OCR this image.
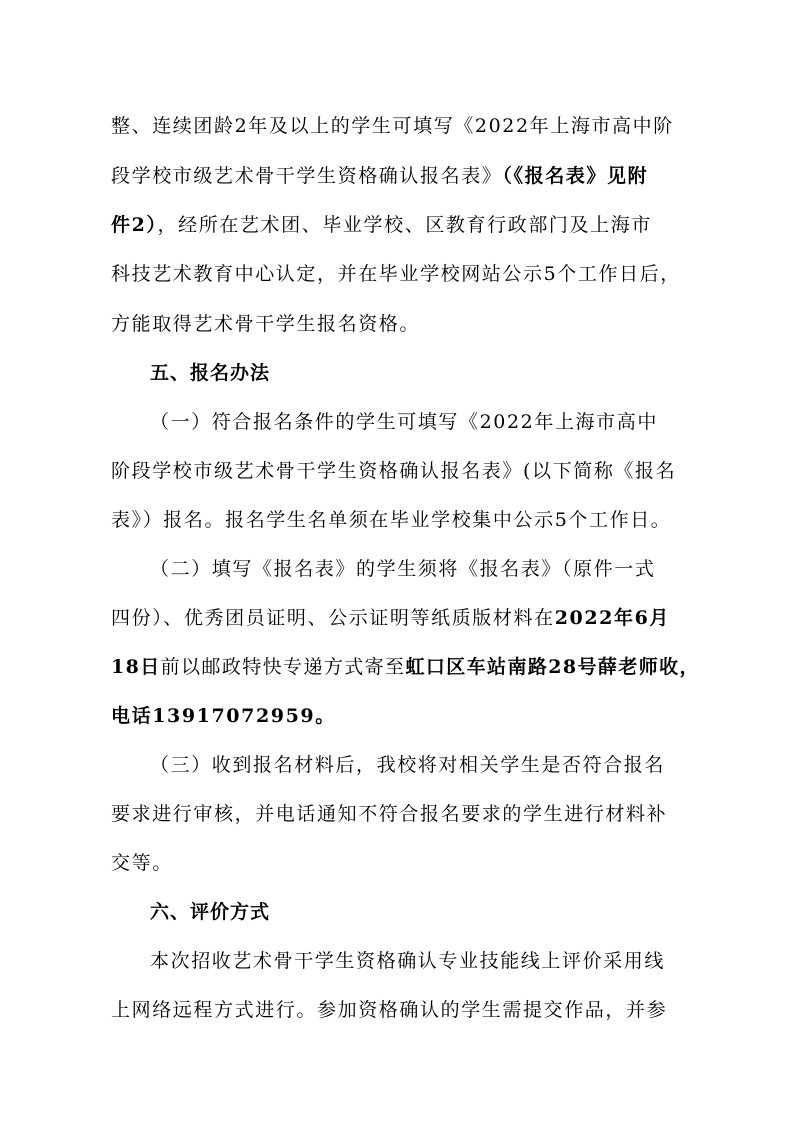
整、连续团龄2年及以上的学生可填写《2022年上海市高中阶
段学校市级艺术骨干学生资格确认报名表》（《报名表》见附
件2），经所在艺术团、毕业学校、区教育行政部门及上海市
科技艺术教育中心认定，并在毕业学校网站公示5个工作日后，
方能取得艺术骨干学生报名资格。
五、报名办法
（一）符合报名条件的学生可填写《2022年上海市高中
阶段学校市级艺术骨干学生资格确认报名表》(以下简称《报名
表》）报名。报名学生名单须在毕业学校集中公示5个工作日。
（二）填写《报名表》的学生须将《报名表》（原件一式
四份）、优秀团员证明、公示证明等纸质版材料在2022年6月
18日前以邮政特快专递方式寄至虹口区车站南路28号薛老师收，
电话13917072959。
（三）收到报名材料后，我校将对相关学生是否符合报名
要求进行审核，并电话通知不符合报名要求的学生进行材料补
交等。
六、评价方式
本次招收艺术骨干学生资格确认专业技能线上评价采用线
上网络远程方式进行。参加资格确认的学生需提交作品，并参
